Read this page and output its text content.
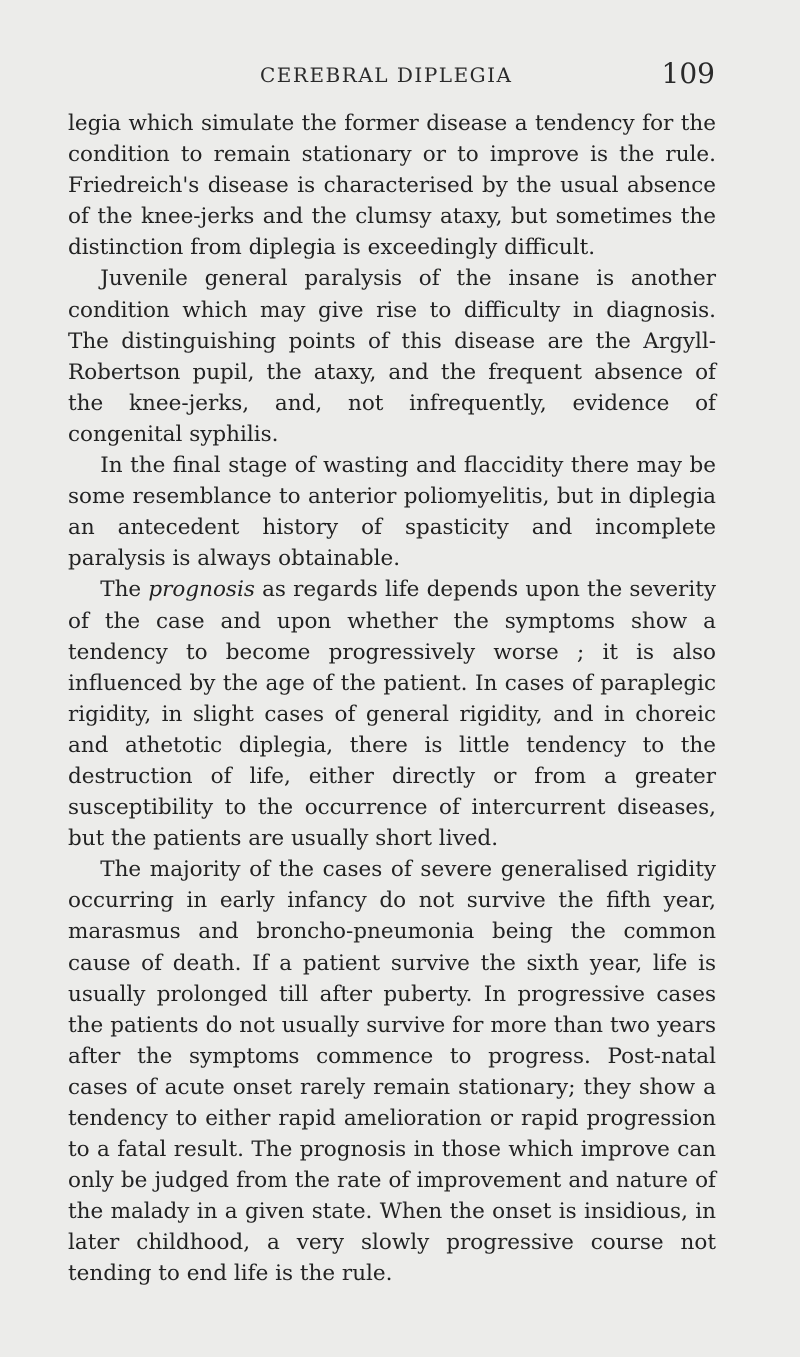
CEREBRAL DIPLEGIA	109

legia which simulate the former disease a tendency for the condition to remain stationary or to improve is the rule. Friedreich's disease is characterised by the usual absence of the knee-jerks and the clumsy ataxy, but sometimes the distinction from diplegia is exceedingly difficult.

Juvenile general paralysis of the insane is another condition which may give rise to difficulty in diagnosis. The distinguishing points of this disease are the Argyll-Robertson pupil, the ataxy, and the frequent absence of the knee-jerks, and, not infrequently, evidence of congenital syphilis.

In the final stage of wasting and flaccidity there may be some resemblance to anterior poliomyelitis, but in diplegia an antecedent history of spasticity and incomplete paralysis is always obtainable.

The prognosis as regards life depends upon the severity of the case and upon whether the symptoms show a tendency to become progressively worse ; it is also influenced by the age of the patient. In cases of paraplegic rigidity, in slight cases of general rigidity, and in choreic and athetotic diplegia, there is little tendency to the destruction of life, either directly or from a greater susceptibility to the occurrence of intercurrent diseases, but the patients are usually short lived.

The majority of the cases of severe generalised rigidity occurring in early infancy do not survive the fifth year, marasmus and broncho-pneumonia being the common cause of death. If a patient survive the sixth year, life is usually prolonged till after puberty. In progressive cases the patients do not usually survive for more than two years after the symptoms commence to progress. Post-natal cases of acute onset rarely remain stationary; they show a tendency to either rapid amelioration or rapid progression to a fatal result. The prognosis in those which improve can only be judged from the rate of improvement and nature of the malady in a given state. When the onset is insidious, in later childhood, a very slowly progressive course not tending to end life is the rule.
